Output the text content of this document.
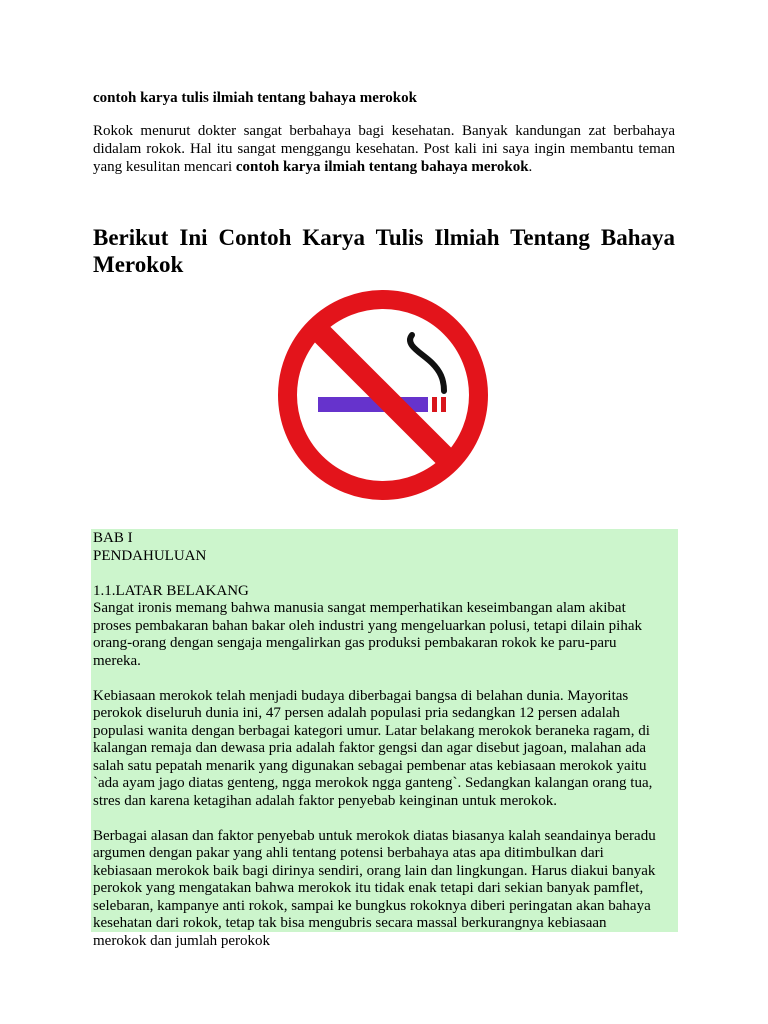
contoh karya tulis ilmiah tentang bahaya merokok

Rokok menurut dokter sangat berbahaya bagi kesehatan. Banyak kandungan zat berbahaya didalam rokok. Hal itu sangat menggangu kesehatan. Post kali ini saya ingin membantu teman yang kesulitan mencari contoh karya ilmiah tentang bahaya merokok.

Berikut Ini Contoh Karya Tulis Ilmiah Tentang Bahaya Merokok
BAB I
PENDAHULUAN
1.1.LATAR BELAKANG
Sangat ironis memang bahwa manusia sangat memperhatikan keseimbangan alam akibat
proses pembakaran bahan bakar oleh industri yang mengeluarkan polusi, tetapi dilain pihak
orang-orang dengan sengaja mengalirkan gas produksi pembakaran rokok ke paru-paru
mereka.
Kebiasaan merokok telah menjadi budaya diberbagai bangsa di belahan dunia. Mayoritas
perokok diseluruh dunia ini, 47 persen adalah populasi pria sedangkan 12 persen adalah
populasi wanita dengan berbagai kategori umur. Latar belakang merokok beraneka ragam, di
kalangan remaja dan dewasa pria adalah faktor gengsi dan agar disebut jagoan, malahan ada
salah satu pepatah menarik yang digunakan sebagai pembenar atas kebiasaan merokok yaitu
`ada ayam jago diatas genteng, ngga merokok ngga ganteng`. Sedangkan kalangan orang tua,
stres dan karena ketagihan adalah faktor penyebab keinginan untuk merokok.
Berbagai alasan dan faktor penyebab untuk merokok diatas biasanya kalah seandainya beradu
argumen dengan pakar yang ahli tentang potensi berbahaya atas apa ditimbulkan dari
kebiasaan merokok baik bagi dirinya sendiri, orang lain dan lingkungan. Harus diakui banyak
perokok yang mengatakan bahwa merokok itu tidak enak tetapi dari sekian banyak pamflet,
selebaran, kampanye anti rokok, sampai ke bungkus rokoknya diberi peringatan akan bahaya
kesehatan dari rokok, tetap tak bisa mengubris secara massal berkurangnya kebiasaan
merokok dan jumlah perokok
